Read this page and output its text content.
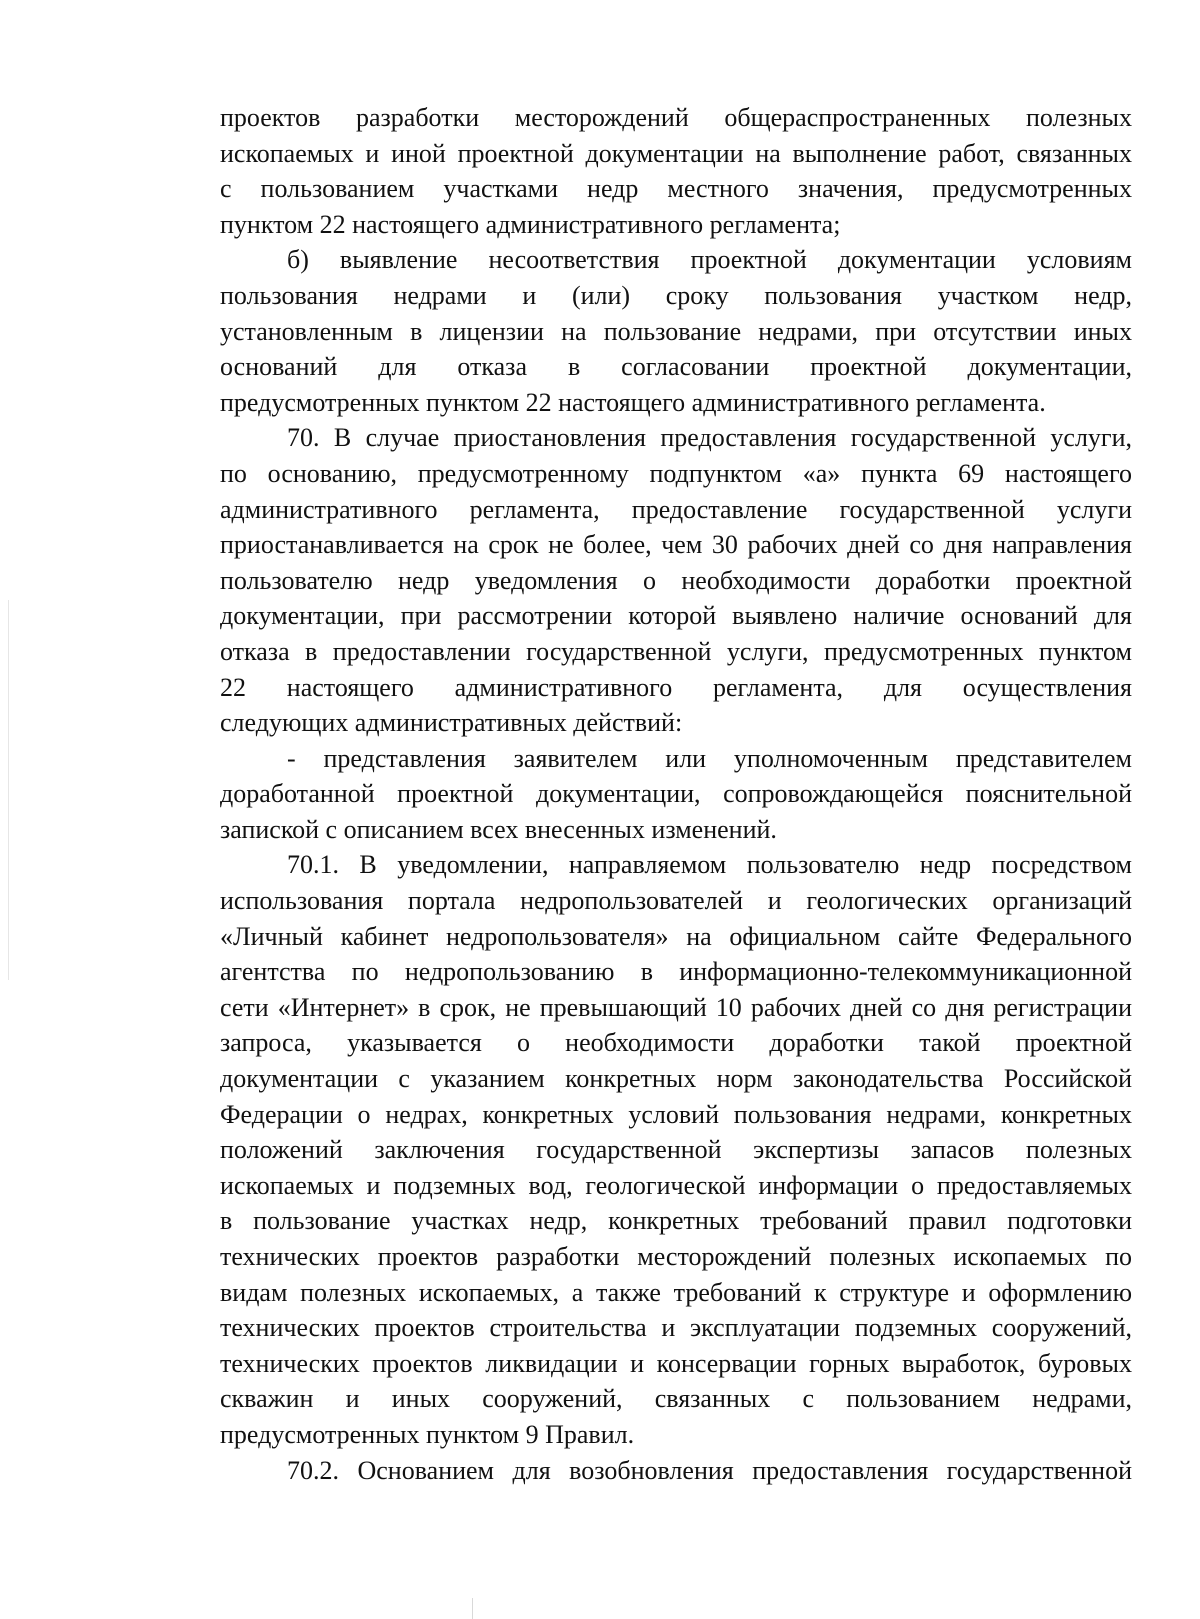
проектов разработки месторождений общераспространенных полезных
ископаемых и иной проектной документации на выполнение работ, связанных
с пользованием участками недр местного значения, предусмотренных
пунктом 22 настоящего административного регламента;

б) выявление несоответствия проектной документации условиям
пользования недрами и (или) сроку пользования участком недр,
установленным в лицензии на пользование недрами, при отсутствии иных
оснований для отказа в согласовании проектной документации,
предусмотренных пунктом 22 настоящего административного регламента.

70. В случае приостановления предоставления государственной услуги,
по основанию, предусмотренному подпунктом «а» пункта 69 настоящего
административного регламента, предоставление государственной услуги
приостанавливается на срок не более, чем 30 рабочих дней со дня направления
пользователю недр уведомления о необходимости доработки проектной
документации, при рассмотрении которой выявлено наличие оснований для
отказа в предоставлении государственной услуги, предусмотренных пунктом
22 настоящего административного регламента, для осуществления
следующих административных действий:

- представления заявителем или уполномоченным представителем
доработанной проектной документации, сопровождающейся пояснительной
запиской с описанием всех внесенных изменений.

70.1. В уведомлении, направляемом пользователю недр посредством
использования портала недропользователей и геологических организаций
«Личный кабинет недропользователя» на официальном сайте Федерального
агентства по недропользованию в информационно-телекоммуникационной
сети «Интернет» в срок, не превышающий 10 рабочих дней со дня регистрации
запроса, указывается о необходимости доработки такой проектной
документации с указанием конкретных норм законодательства Российской
Федерации о недрах, конкретных условий пользования недрами, конкретных
положений заключения государственной экспертизы запасов полезных
ископаемых и подземных вод, геологической информации о предоставляемых
в пользование участках недр, конкретных требований правил подготовки
технических проектов разработки месторождений полезных ископаемых по
видам полезных ископаемых, а также требований к структуре и оформлению
технических проектов строительства и эксплуатации подземных сооружений,
технических проектов ликвидации и консервации горных выработок, буровых
скважин и иных сооружений, связанных с пользованием недрами,
предусмотренных пунктом 9 Правил.

70.2. Основанием для возобновления предоставления государственной
